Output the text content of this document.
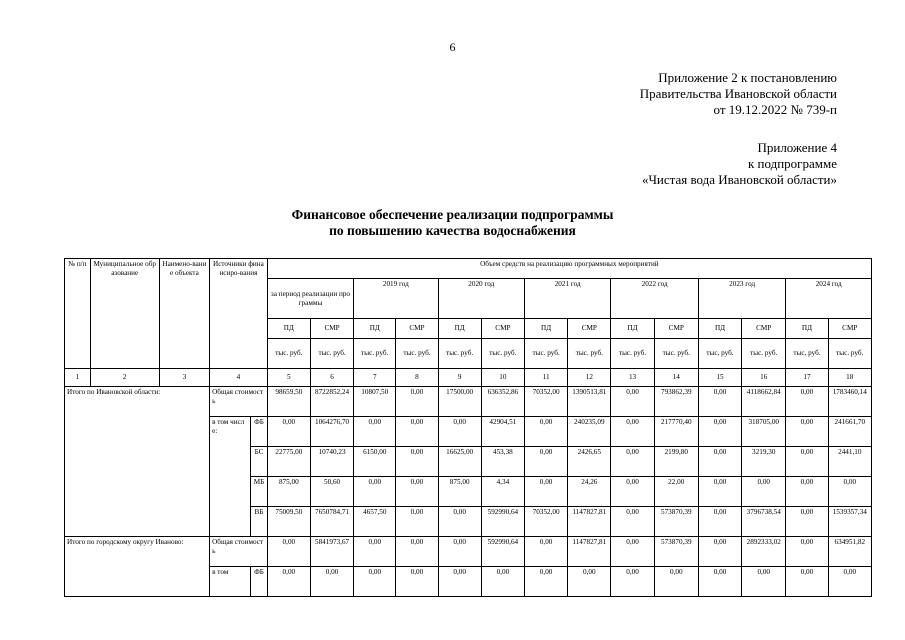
6
Приложение 2 к постановлению
Правительства Ивановской области
от 19.12.2022 № 739-п
Приложение 4
к подпрограмме
«Чистая вода Ивановской области»
Финансовое обеспечение реализации подпрограммы
по повышению качества водоснабжения
№ п/п	Муниципальное образование	Наимено-вание объекта	Источники финансиро-вания		Объем средств на реализацию программных мероприятий													
					за период реализации программы		2019 год		2020 год		2021 год		2022 год		2023 год		2024 год	
					ПД	СМР	ПД	СМР	ПД	СМР	ПД	СМР	ПД	СМР	ПД	СМР	ПД	СМР
					тыс. руб.	тыс. руб.	тыс. руб.	тыс. руб.	тыс. руб.	тыс. руб.	тыс. руб.	тыс. руб.	тыс. руб.	тыс. руб.	тыс, руб.	тыс. руб.	тыс, руб.	тыс. руб.
1	2	3	4		5	6	7	8	9	10	11	12	13	14	15	16	17	18
Итого по Ивановской области:			Общая стоимость		98659,50	8722852,24	10807,50	0,00	17500,00	636352,86	70352,00	1390513,81	0,00	793862,39	0,00	4118662,84	0,00	1783460,14
			в том числе:	ФБ	0,00	1064276,70	0,00	0,00	0,00	42904,51	0,00	240235,09	0,00	217770,40	0,00	318705,00	0,00	241661,70
				БС	22775,00	10740,23	6150,00	0,00	16625,00	453,38	0,00	2426,65	0,00	2199,80	0,00	3219,30	0,00	2441,10
				МБ	875,00	50,60	0,00	0,00	875,00	4,34	0,00	24,26	0,00	22,00	0,00	0,00	0,00	0,00
				ВБ	75009,50	7650784,71	4657,50	0,00	0,00	592990,64	70352,00	1147827,81	0,00	573870,39	0,00	3796738,54	0,00	1539357,34
Итого по городскому округу Иваново:			Общая стоимость		0,00	5841973,67	0,00	0,00	0,00	592990,64	0,00	1147827,81	0,00	573870,39	0,00	2892333,02	0,00	634951,82
			в том	ФБ	0,00	0,00	0,00	0,00	0,00	0,00	0,00	0,00	0,00	0,00	0,00	0,00	0,00	0,00
